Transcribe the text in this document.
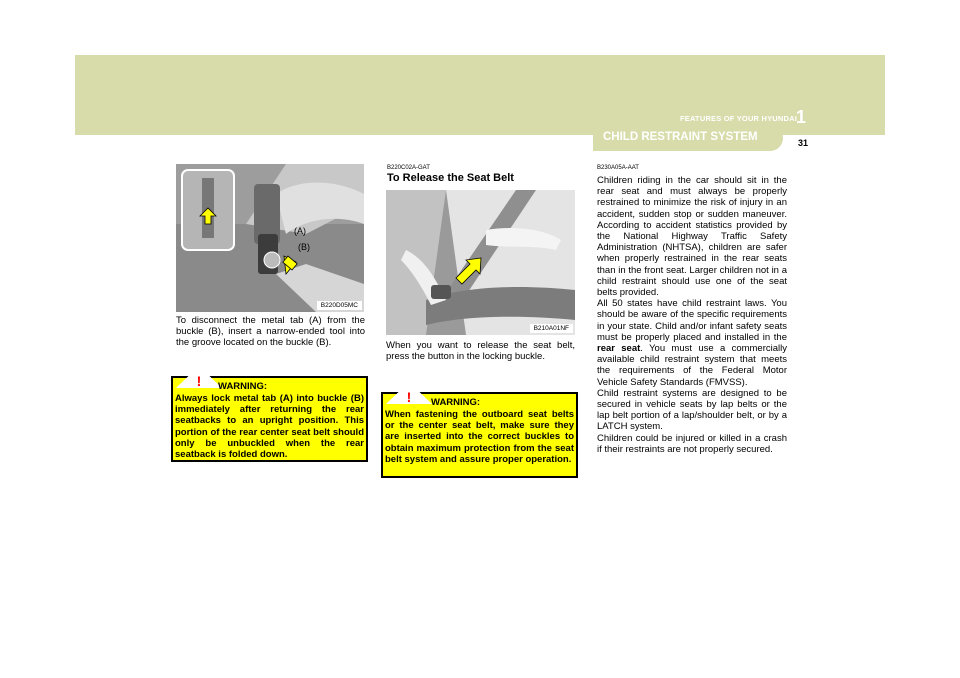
FEATURES OF YOUR HYUNDAI
1
CHILD RESTRAINT SYSTEM	31
(A)
(B)
B220D05MC
To disconnect the metal tab (A) from the buckle (B), insert a narrow-ended tool into the groove located on the buckle (B).
! WARNING:
Always lock metal tab (A) into buckle (B) immediately after returning the rear seatbacks to an upright position. This portion of the rear center seat belt should only be unbuckled when the rear seatback is folded down.
B220C02A-GAT
To Release the Seat Belt
B210A01NF
When you want to release the seat belt, press the button in the locking buckle.
! WARNING:
When fastening the outboard seat belts or the center seat belt, make sure they are inserted into the correct buckles to obtain maximum protection from the seat belt system and assure proper operation.
B230A05A-AAT
Children riding in the car should sit in the rear seat and must always be properly restrained to minimize the risk of injury in an accident, sudden stop or sudden maneuver. According to accident statistics provided by the National Highway Traffic Safety Administration (NHTSA), children are safer when properly restrained in the rear seats than in the front seat. Larger children not in a child restraint should use one of the seat belts provided.
All 50 states have child restraint laws. You should be aware of the specific requirements in your state. Child and/or infant safety seats must be properly placed and installed in the rear seat. You must use a commercially available child restraint system that meets the requirements of the Federal Motor Vehicle Safety Standards (FMVSS).
Child restraint systems are designed to be secured in vehicle seats by lap belts or the lap belt portion of a lap/shoulder belt, or by a LATCH system.
Children could be injured or killed in a crash if their restraints are not properly secured.
